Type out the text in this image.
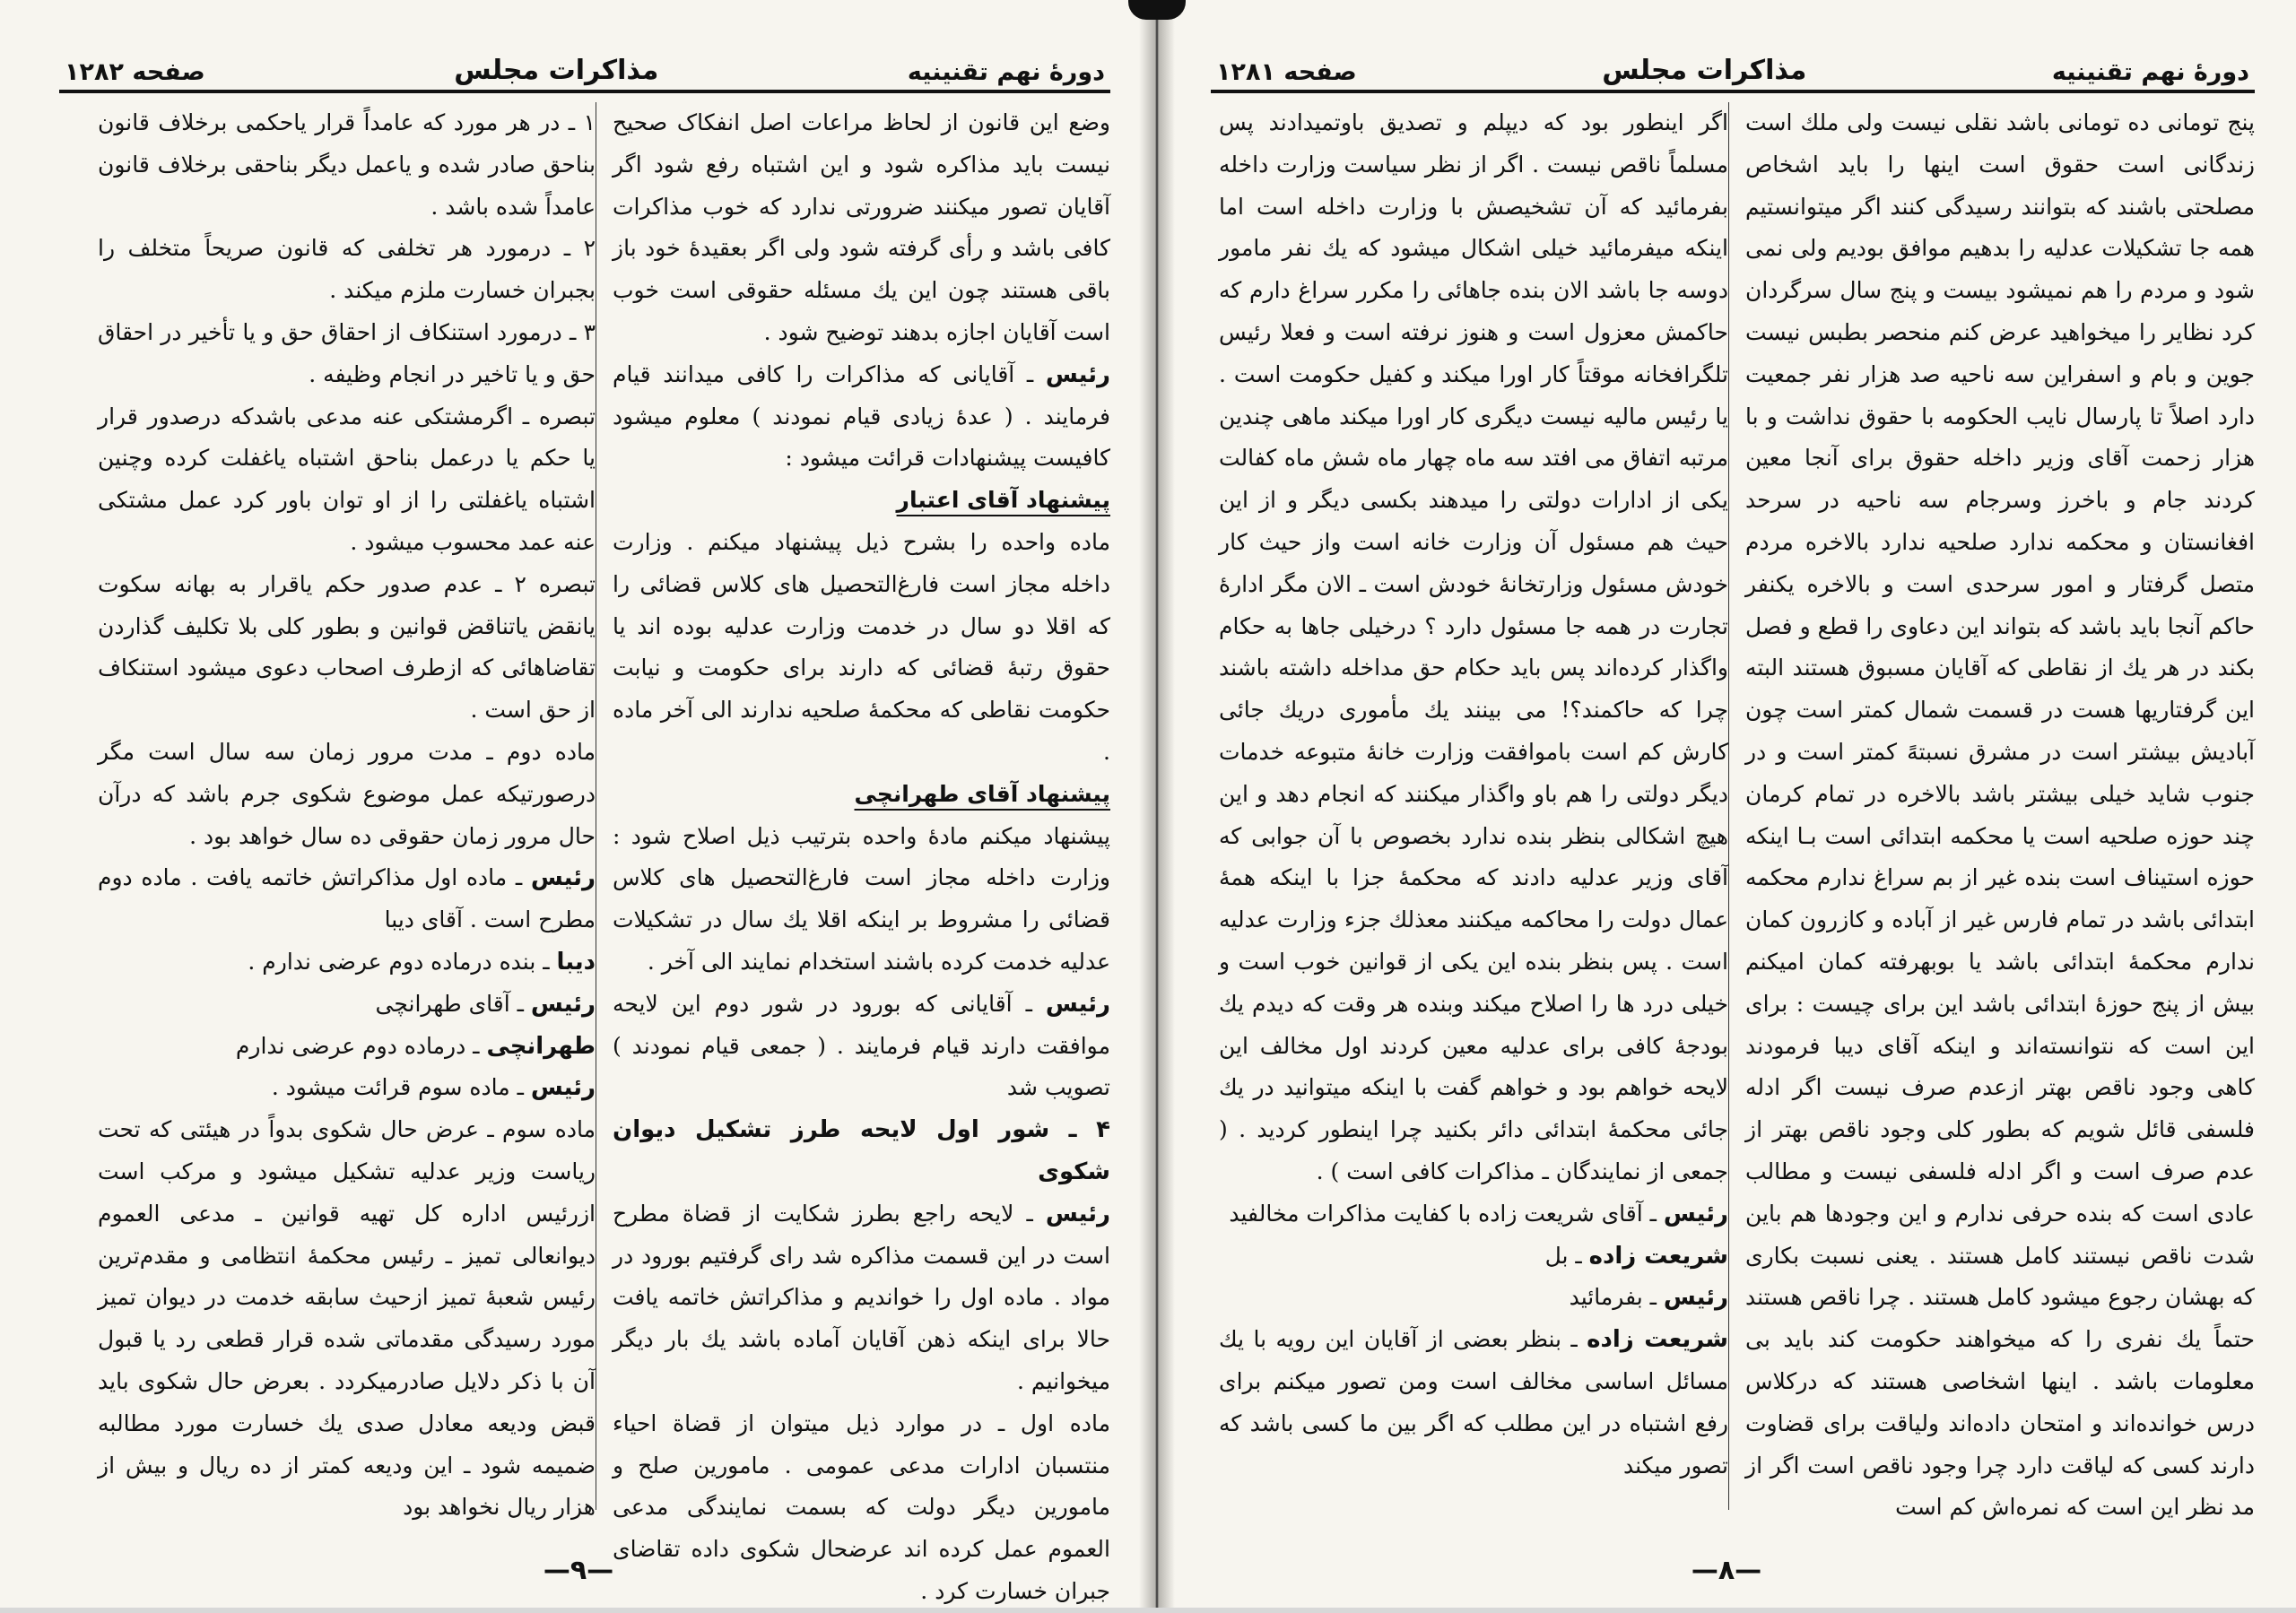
دورهٔ نهم تقنینیه
مذاکرات مجلس
صفحه ۱۲۸۲

وضع این قانون از لحاظ مراعات اصل انفکاک صحیح نیست باید مذاکره شود و این اشتباه رفع شود اگر آقایان تصور میکنند ضرورتی ندارد که خوب مذاکرات کافی باشد و رأی گرفته شود ولی اگر بعقیدهٔ خود باز باقی هستند چون این یك مسئله حقوقی است خوب است آقایان اجازه بدهند توضیح شود .

رئیس ـ آقایانی که مذاکرات را کافی میدانند قیام فرمایند . ( عدهٔ زیادی قیام نمودند ) معلوم میشود کافیست پیشنهادات قرائت میشود :

پیشنهاد آقای اعتبار

ماده واحده را بشرح ذیل پیشنهاد میکنم . وزارت داخله مجاز است فارغ‌التحصیل های کلاس قضائی را که اقلا دو سال در خدمت وزارت عدلیه بوده اند یا حقوق رتبهٔ قضائی که دارند برای حکومت و نیابت حکومت نقاطی که محکمهٔ صلحیه ندارند الی آخر ماده .

پیشنهاد آقای طهرانچی

پیشنهاد میکنم مادهٔ واحده بترتیب ذیل اصلاح شود : وزارت داخله مجاز است فارغ‌التحصیل های کلاس قضائی را مشروط بر اینکه اقلا یك سال در تشکیلات عدلیه خدمت کرده باشند استخدام نمایند الی آخر .

رئیس ـ آقایانی که بورود در شور دوم این لایحه موافقت دارند قیام فرمایند . ( جمعی قیام نمودند ) تصویب شد

۴ ـ شور اول لایحه طرز تشکیل دیوان شکوی

رئیس ـ لایحه راجع بطرز شکایت از قضاة مطرح است در این قسمت مذاکره شد رای گرفتیم بورود در مواد . ماده اول را خواندیم و مذاکراتش خاتمه یافت حالا برای اینکه ذهن آقایان آماده باشد یك بار دیگر میخوانیم .

ماده اول ـ در موارد ذیل میتوان از قضاة احیاء منتسبان ادارات مدعی عمومی . مامورین صلح و مامورین دیگر دولت که بسمت نمایندگی مدعی العموم عمل کرده اند عرضحال شکوی داده تقاضای جبران خسارت کرد .

۱ ـ در هر مورد که عامداً قرار یاحکمی برخلاف قانون بناحق صادر شده و یاعمل دیگر بناحقی برخلاف قانون عامداً شده باشد .

۲ ـ درمورد هر تخلفی که قانون صریحاً متخلف را بجبران خسارت ملزم میکند .

۳ ـ درمورد استنکاف از احقاق حق و یا تأخیر در احقاق حق و یا تاخیر در انجام وظیفه .

تبصره ـ اگرمشتکی عنه مدعی باشدکه درصدور قرار یا حکم یا درعمل بناحق اشتباه یاغفلت کرده وچنین اشتباه یاغفلتی را از او توان باور کرد عمل مشتکی عنه عمد محسوب میشود .

تبصره ۲ ـ عدم صدور حکم یاقرار به بهانه سکوت یانقض یاتناقض قوانین و بطور کلی بلا تکلیف گذاردن تقاضاهائی که ازطرف اصحاب دعوی میشود استنکاف از حق است .

ماده دوم ـ مدت مرور زمان سه سال است مگر درصورتیکه عمل موضوع شکوی جرم باشد که درآن حال مرور زمان حقوقی ده سال خواهد بود .

رئیس ـ ماده اول مذاکراتش خاتمه یافت . ماده دوم مطرح است . آقای دیبا

دیبا ـ بنده درماده دوم عرضی ندارم .

رئیس ـ آقای طهرانچی

طهرانچی ـ درماده دوم عرضی ندارم

رئیس ـ ماده سوم قرائت میشود .

ماده سوم ـ عرض حال شکوی بدواً در هیئتی که تحت ریاست وزیر عدلیه تشکیل میشود و مرکب است ازرئیس اداره کل تهیه قوانین ـ مدعی العموم دیوانعالی تمیز ـ رئیس محکمهٔ انتظامی و مقدم‌ترین رئیس شعبهٔ تمیز ازحیث سابقه خدمت در دیوان تمیز مورد رسیدگی مقدماتی شده قرار قطعی رد یا قبول آن با ذکر دلایل صادرمیکردد . بعرض حال شکوی باید قبض ودیعه معادل صدی یك خسارت مورد مطالبه ضمیمه شود ـ این ودیعه کمتر از ده ریال و بیش از هزار ریال نخواهد بود

—۹—
دورهٔ نهم تقنینیه
مذاکرات مجلس
صفحه ۱۲۸۱

پنج تومانی ده تومانی باشد نقلی نیست ولی ملك است زندگانی است حقوق است اینها را باید اشخاص مصلحتی باشند که بتوانند رسیدگی کنند اگر میتوانستیم همه جا تشکیلات عدلیه را بدهیم موافق بودیم ولی نمی شود و مردم را هم نمیشود بیست و پنج سال سرگردان کرد نظایر را میخواهید عرض کنم منحصر بطبس نیست جوین و بام و اسفراین سه ناحیه صد هزار نفر جمعیت دارد اصلاً تا پارسال نایب الحکومه با حقوق نداشت و با هزار زحمت آقای وزیر داخله حقوق برای آنجا معین کردند جام و باخرز وسرجام سه ناحیه در سرحد افغانستان و محکمه ندارد صلحیه ندارد بالاخره مردم متصل گرفتار و امور سرحدی است و بالاخره یکنفر حاکم آنجا باید باشد که بتواند این دعاوی را قطع و فصل بکند در هر یك از نقاطی که آقایان مسبوق هستند البته این گرفتاریها هست در قسمت شمال کمتر است چون آبادیش بیشتر است در مشرق نسبتهً کمتر است و در جنوب شاید خیلی بیشتر باشد بالاخره در تمام کرمان چند حوزه صلحیه است یا محکمه ابتدائی است بـا اینکه حوزه استیناف است بنده غیر از بم سراغ ندارم محکمه ابتدائی باشد در تمام فارس غیر از آباده و کازرون کمان ندارم محکمهٔ ابتدائی باشد یا بوبهرفته کمان امیکنم بیش از پنج حوزهٔ ابتدائی باشد این برای چیست : برای این است که نتوانسته‌اند و اینکه آقای دیبا فرمودند کاهی وجود ناقص بهتر ازعدم صرف نیست اگر ادله فلسفی قائل شویم که بطور کلی وجود ناقص بهتر از عدم صرف است و اگر ادله فلسفی نیست و مطالب عادی است که بنده حرفی ندارم و این وجودها هم باین شدت ناقص نیستند کامل هستند . یعنی نسبت بکاری که بهشان رجوع میشود کامل هستند . چرا ناقص هستند حتماً یك نفری را که میخواهند حکومت کند باید بی معلومات باشد . اینها اشخاصی هستند که درکلاس درس خوانده‌اند و امتحان داده‌اند ولیاقت برای قضاوت دارند کسی که لیاقت دارد چرا وجود ناقص است اگر از مد نظر این است که نمره‌اش کم است

اگر اینطور بود که دیپلم و تصدیق باوتمیدادند پس مسلماً ناقص نیست . اگر از نظر سیاست وزارت داخله بفرمائید که آن تشخیصش با وزارت داخله است اما اینکه میفرمائید خیلی اشکال میشود که یك نفر مامور دوسه جا باشد الان بنده جاهائی را مکرر سراغ دارم که حاکمش معزول است و هنوز نرفته است و فعلا رئیس تلگرافخانه موقتاً کار اورا میکند و کفیل حکومت است . یا رئیس مالیه نیست دیگری کار اورا میکند ماهی چندین مرتبه اتفاق می افتد سه ماه چهار ماه شش ماه کفالت یکی از ادارات دولتی را میدهند بکسی دیگر و از این حیث هم مسئول آن وزارت خانه است واز حیث کار خودش مسئول وزارتخانهٔ خودش است ـ الان مگر ادارهٔ تجارت در همه جا مسئول دارد ؟ درخیلی جاها به حکام واگذار کرده‌اند پس باید حکام حق مداخله داشته باشند چرا که حاکمند؟! می بینند یك مأموری دریك جائی کارش کم است باموافقت وزارت خانهٔ متبوعه خدمات دیگر دولتی را هم باو واگذار میکنند که انجام دهد و این هیچ اشکالی بنظر بنده ندارد بخصوص با آن جوابی که آقای وزیر عدلیه دادند که محکمهٔ جزا با اینکه همهٔ عمال دولت را محاکمه میکنند معذلك جزء وزارت عدلیه است . پس بنظر بنده این یکی از قوانین خوب است و خیلی درد ها را اصلاح میکند وبنده هر وقت که دیدم یك بودجهٔ کافی برای عدلیه معین کردند اول مخالف این لایحه خواهم بود و خواهم گفت با اینکه میتوانید در یك جائی محکمهٔ ابتدائی دائر بکنید چرا اینطور کردید . ( جمعی از نمایندگان ـ مذاکرات کافی است ) .

رئیس ـ آقای شریعت زاده با کفایت مذاکرات مخالفید

شریعت زاده ـ بل

رئیس ـ بفرمائید

شریعت زاده ـ بنظر بعضی از آقایان این رویه با یك مسائل اساسی مخالف است ومن تصور میکنم برای رفع اشتباه در این مطلب که اگر بین ما کسی باشد که تصور میکند

—۸—
